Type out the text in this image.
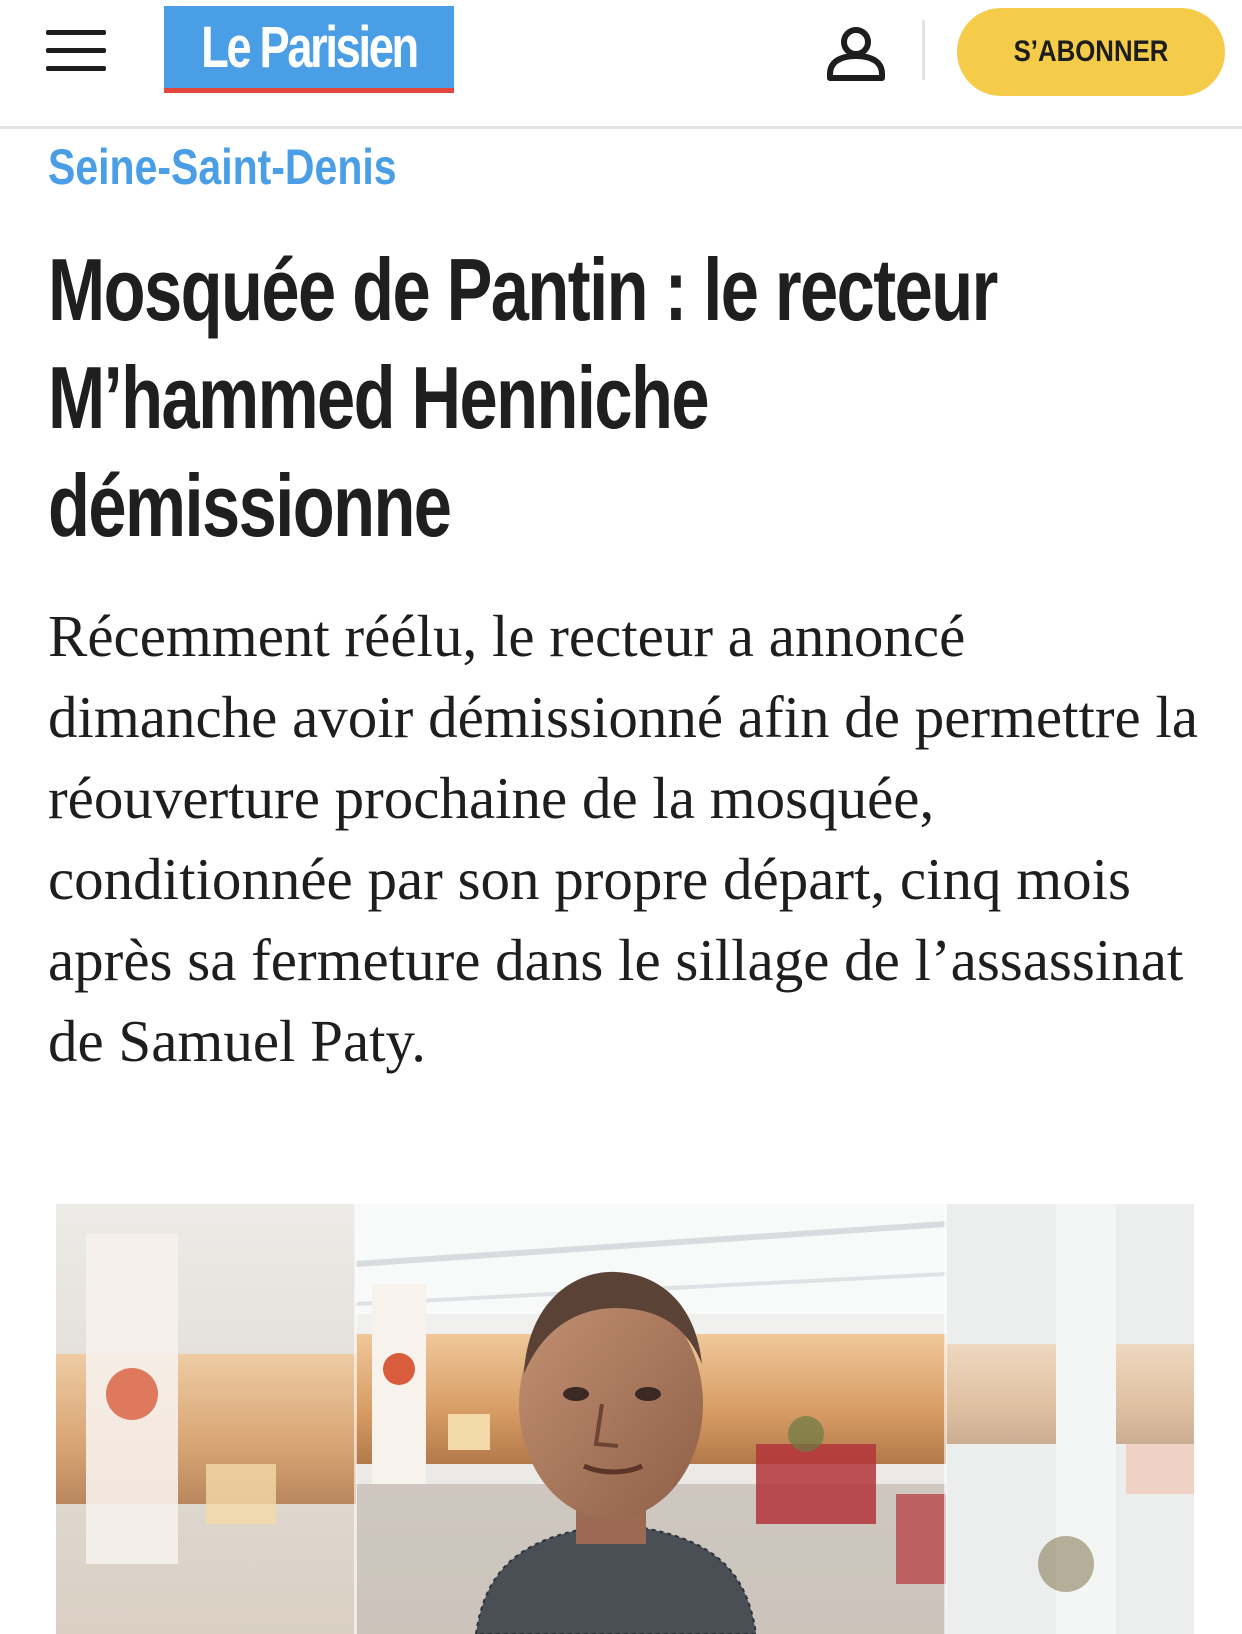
Le Parisien	S’ABONNER
Seine-Saint-Denis
Mosquée de Pantin : le recteur
M’hammed Henniche
démissionne

Récemment réélu, le recteur a annoncé dimanche avoir démissionné afin de permettre la réouverture prochaine de la mosquée, conditionnée par son propre départ, cinq mois après sa fermeture dans le sillage de l’assassinat de Samuel Paty.
